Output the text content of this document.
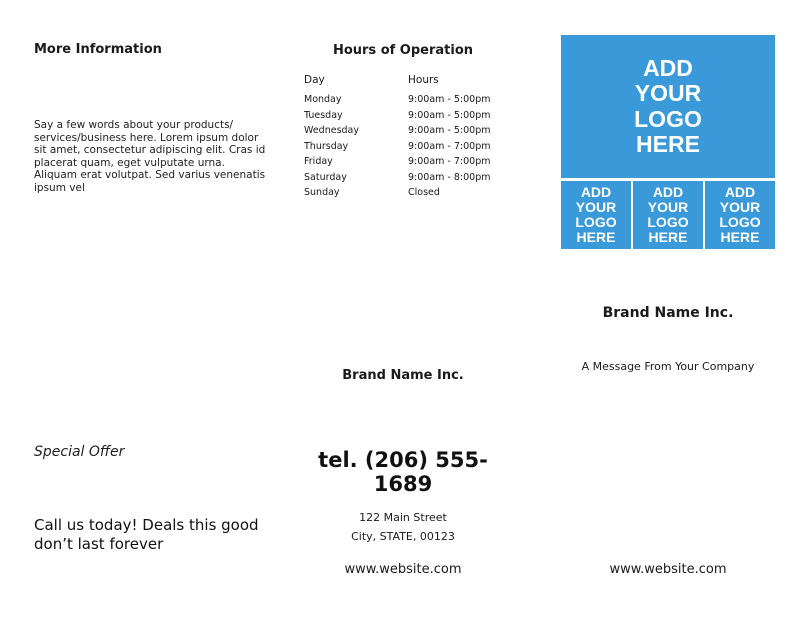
More Information
Say a few words about your products/ services/business here. Lorem ipsum dolor sit amet, consectetur adipiscing elit. Cras id placerat quam, eget vulputate urna. Aliquam erat volutpat. Sed varius venenatis ipsum vel
Special Offer
Call us today! Deals this good don’t last forever
Hours of Operation
Day	Hours
Monday	9:00am - 5:00pm
Tuesday	9:00am - 5:00pm
Wednesday	9:00am - 5:00pm
Thursday	9:00am - 7:00pm
Friday	9:00am - 7:00pm
Saturday	9:00am - 8:00pm
Sunday	Closed
Brand Name Inc.
tel. (206) 555-1689
122 Main Street
City, STATE, 00123
www.website.com
ADD
YOUR
LOGO
HERE
ADD
YOUR
LOGO
HERE
ADD
YOUR
LOGO
HERE
ADD
YOUR
LOGO
HERE
Brand Name Inc.
A Message From Your Company
www.website.com
